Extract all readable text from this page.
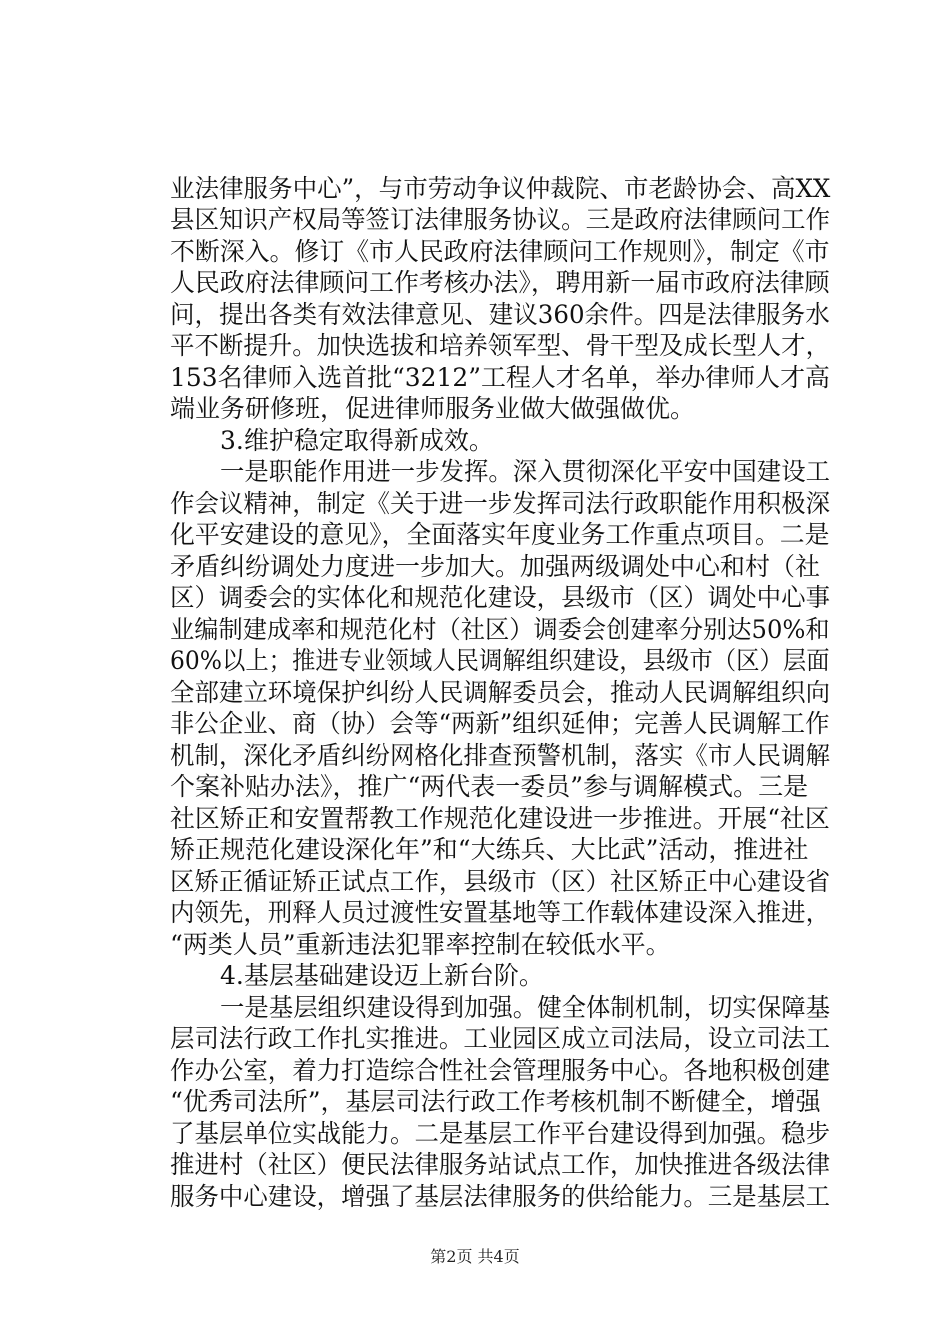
业法律服务中心”，与市劳动争议仲裁院、市老龄协会、高XX

县区知识产权局等签订法律服务协议。三是政府法律顾问工作

不断深入。修订《市人民政府法律顾问工作规则》，制定《市

人民政府法律顾问工作考核办法》，聘用新一届市政府法律顾

问，提出各类有效法律意见、建议360余件。四是法律服务水

平不断提升。加快选拔和培养领军型、骨干型及成长型人才，

153名律师入选首批“3212”工程人才名单，举办律师人才高

端业务研修班，促进律师服务业做大做强做优。

3.维护稳定取得新成效。

一是职能作用进一步发挥。深入贯彻深化平安中国建设工

作会议精神，制定《关于进一步发挥司法行政职能作用积极深

化平安建设的意见》，全面落实年度业务工作重点项目。二是

矛盾纠纷调处力度进一步加大。加强两级调处中心和村（社

区）调委会的实体化和规范化建设，县级市（区）调处中心事

业编制建成率和规范化村（社区）调委会创建率分别达50%和

60%以上；推进专业领域人民调解组织建设，县级市（区）层面

全部建立环境保护纠纷人民调解委员会，推动人民调解组织向

非公企业、商（协）会等“两新”组织延伸；完善人民调解工作

机制，深化矛盾纠纷网格化排查预警机制，落实《市人民调解

个案补贴办法》，推广“两代表一委员”参与调解模式。三是

社区矫正和安置帮教工作规范化建设进一步推进。开展“社区

矫正规范化建设深化年”和“大练兵、大比武”活动，推进社

区矫正循证矫正试点工作，县级市（区）社区矫正中心建设省

内领先，刑释人员过渡性安置基地等工作载体建设深入推进，

“两类人员”重新违法犯罪率控制在较低水平。

4.基层基础建设迈上新台阶。

一是基层组织建设得到加强。健全体制机制，切实保障基

层司法行政工作扎实推进。工业园区成立司法局，设立司法工

作办公室，着力打造综合性社会管理服务中心。各地积极创建

“优秀司法所”，基层司法行政工作考核机制不断健全，增强

了基层单位实战能力。二是基层工作平台建设得到加强。稳步

推进村（社区）便民法律服务站试点工作，加快推进各级法律

服务中心建设，增强了基层法律服务的供给能力。三是基层工

第2页 共4页
